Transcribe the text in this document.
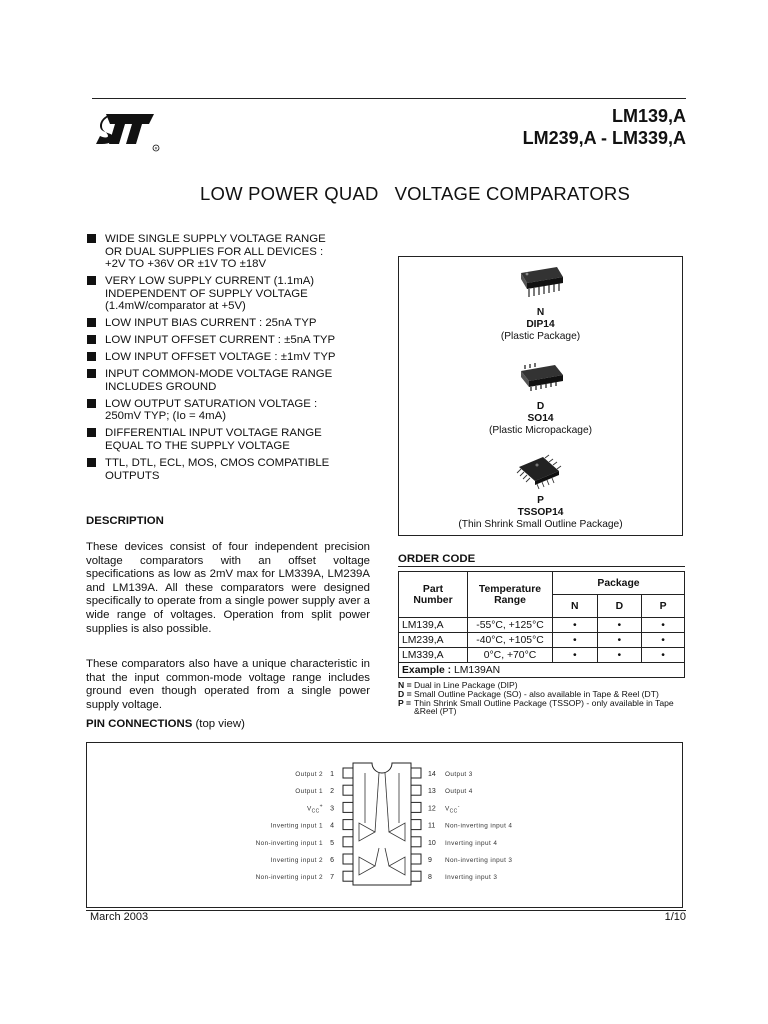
R
LM139,A
LM239,A - LM339,A
LOW POWER QUAD   VOLTAGE COMPARATORS
WIDE SINGLE SUPPLY VOLTAGE RANGE
OR DUAL SUPPLIES FOR ALL DEVICES :
+2V TO +36V OR ±1V TO ±18V
VERY LOW SUPPLY CURRENT (1.1mA)
INDEPENDENT OF SUPPLY VOLTAGE
(1.4mW/comparator at +5V)
LOW INPUT BIAS CURRENT : 25nA TYP
LOW INPUT OFFSET CURRENT : ±5nA TYP
LOW INPUT OFFSET VOLTAGE : ±1mV TYP
INPUT COMMON-MODE VOLTAGE RANGE
INCLUDES GROUND
LOW OUTPUT SATURATION VOLTAGE :
250mV TYP; (Io = 4mA)
DIFFERENTIAL INPUT VOLTAGE RANGE
EQUAL TO THE SUPPLY VOLTAGE
TTL, DTL, ECL, MOS, CMOS COMPATIBLE
OUTPUTS
DESCRIPTION
These devices consist of four independent precision voltage comparators with an offset voltage specifications as low as 2mV max for LM339A, LM239A and LM139A. All these comparators were designed specifically to operate from a single power supply aver a wide range of voltages. Operation from split power supplies is also possible.
These comparators also have a unique characteristic in that the input common-mode voltage range includes ground even though operated from a single power supply voltage.
PIN CONNECTIONS (top view)
N
DIP14
(Plastic Package)
D
SO14
(Plastic Micropackage)
P
TSSOP14
(Thin Shrink Small Outline Package)
ORDER CODE
Part Number	Temperature Range	Package		
		N	D	P
LM139,A	-55°C, +125°C	•	•	•
LM239,A	-40°C, +105°C	•	•	•
LM339,A	0°C, +70°C	•	•	•
Example : LM139AN				
N = Dual in Line Package (DIP)
D = Small Outline Package (SO) - also available in Tape & Reel (DT)
P = Thin Shrink Small Outline Package (TSSOP) - only available in Tape &Reel (PT)
1
Output 2
2
Output 1
3
$V_{CC}^+$
4
Inverting input 1
5
Non-inverting input 1
6
Inverting input 2
7
Non-inverting input 2
14 Output 3
13 Output 4
12 $V_{CC}^-$
11 Non-inverting input 4
10 Inverting input 4
9 Non-inverting input 3
8 Inverting input 3
March 2003	1/10
